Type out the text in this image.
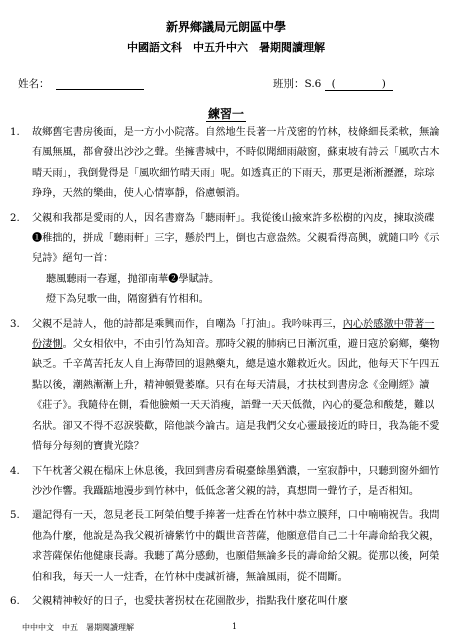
新界鄉議局元朗區中學
中國語文科　中五升中六　暑期閱讀理解
姓名：	班別：S.6 (	)
練習一
1.	故鄉舊宅書房後面，是一方小小院落。自然地生長著一片茂密的竹林，枝條細長柔軟，無論有風無風，都會發出沙沙之聲。坐擁書城中，不時似聞細雨敲窗，蘇東坡有詩云「風吹古木晴天雨」，我倒覺得是「風吹細竹晴天雨」呢。如透真正的下雨天，那更是淅淅瀝瀝，琮琮琤琤，天然的樂曲，使人心情寧靜，俗慮頓消。
2.	父親和我都是愛雨的人，因名書齋為「聽雨軒」。我從後山撿來許多松樹的內皮，揀取淡碟❶稚拙的，拼成「聽雨軒」三字，懸於門上，倒也古意盎然。父親看得高興，就隨口吟《示兒詩》絕句一首：
聽風聽雨一春遲，抛卻南華❷學賦詩。
燈下為兒歌一曲，隔窗猶有竹相和。
3.	父親不是詩人，他的詩都是乘興而作，自嘲為「打油」。我吟味再三，內心於感激中帶著一份淒惻。父女相依中，不由引竹為知音。那時父親的肺病已日漸沉重，避日寇於窮鄉，藥物缺乏。千辛萬苦托友人自上海帶回的退熱藥丸，總是遠水難救近火。因此，他每天下午四五點以後，潮熱漸漸上升，精神頓覺萎靡。只有在每天清晨，才扶杖到書房念《金剛經》讀《莊子》。我隨侍在側，看他臉頰一天天消瘦，語聲一天天低微，內心的憂急和酸楚，難以名狀。卻又不得不忍淚裝歡，陪他談今論古。這是我們父女心靈最接近的時日，我為能不愛惜每分每刻的寶貴光陰？
4.	下午枕著父親在榻床上休息後，我回到書房看硯臺餘墨猶濃，一室寂靜中，只聽到窗外細竹沙沙作響。我躡踮地漫步到竹林中，低低念著父親的詩，真想問一聲竹子，是否相知。
5.	還記得有一天，忽見老長工阿榮伯雙手捧著一炷香在竹林中恭立膜拜，口中喃喃祝告。我問他為什麼，他說是為我父親祈禱紫竹中的觀世音菩薩，他願意借自己二十年壽命給我父親，求菩薩保佑他健康長壽。我聽了萬分感動，也願借無論多長的壽命給父親。從那以後，阿榮伯和我，每天一人一炷香，在竹林中虔誠祈禱，無論風雨，從不間斷。
6.	父親精神較好的日子，也愛扶著拐杖在花園散步，指點我什麼花叫什麼
中中中文　中五　暑期閱讀理解	1
